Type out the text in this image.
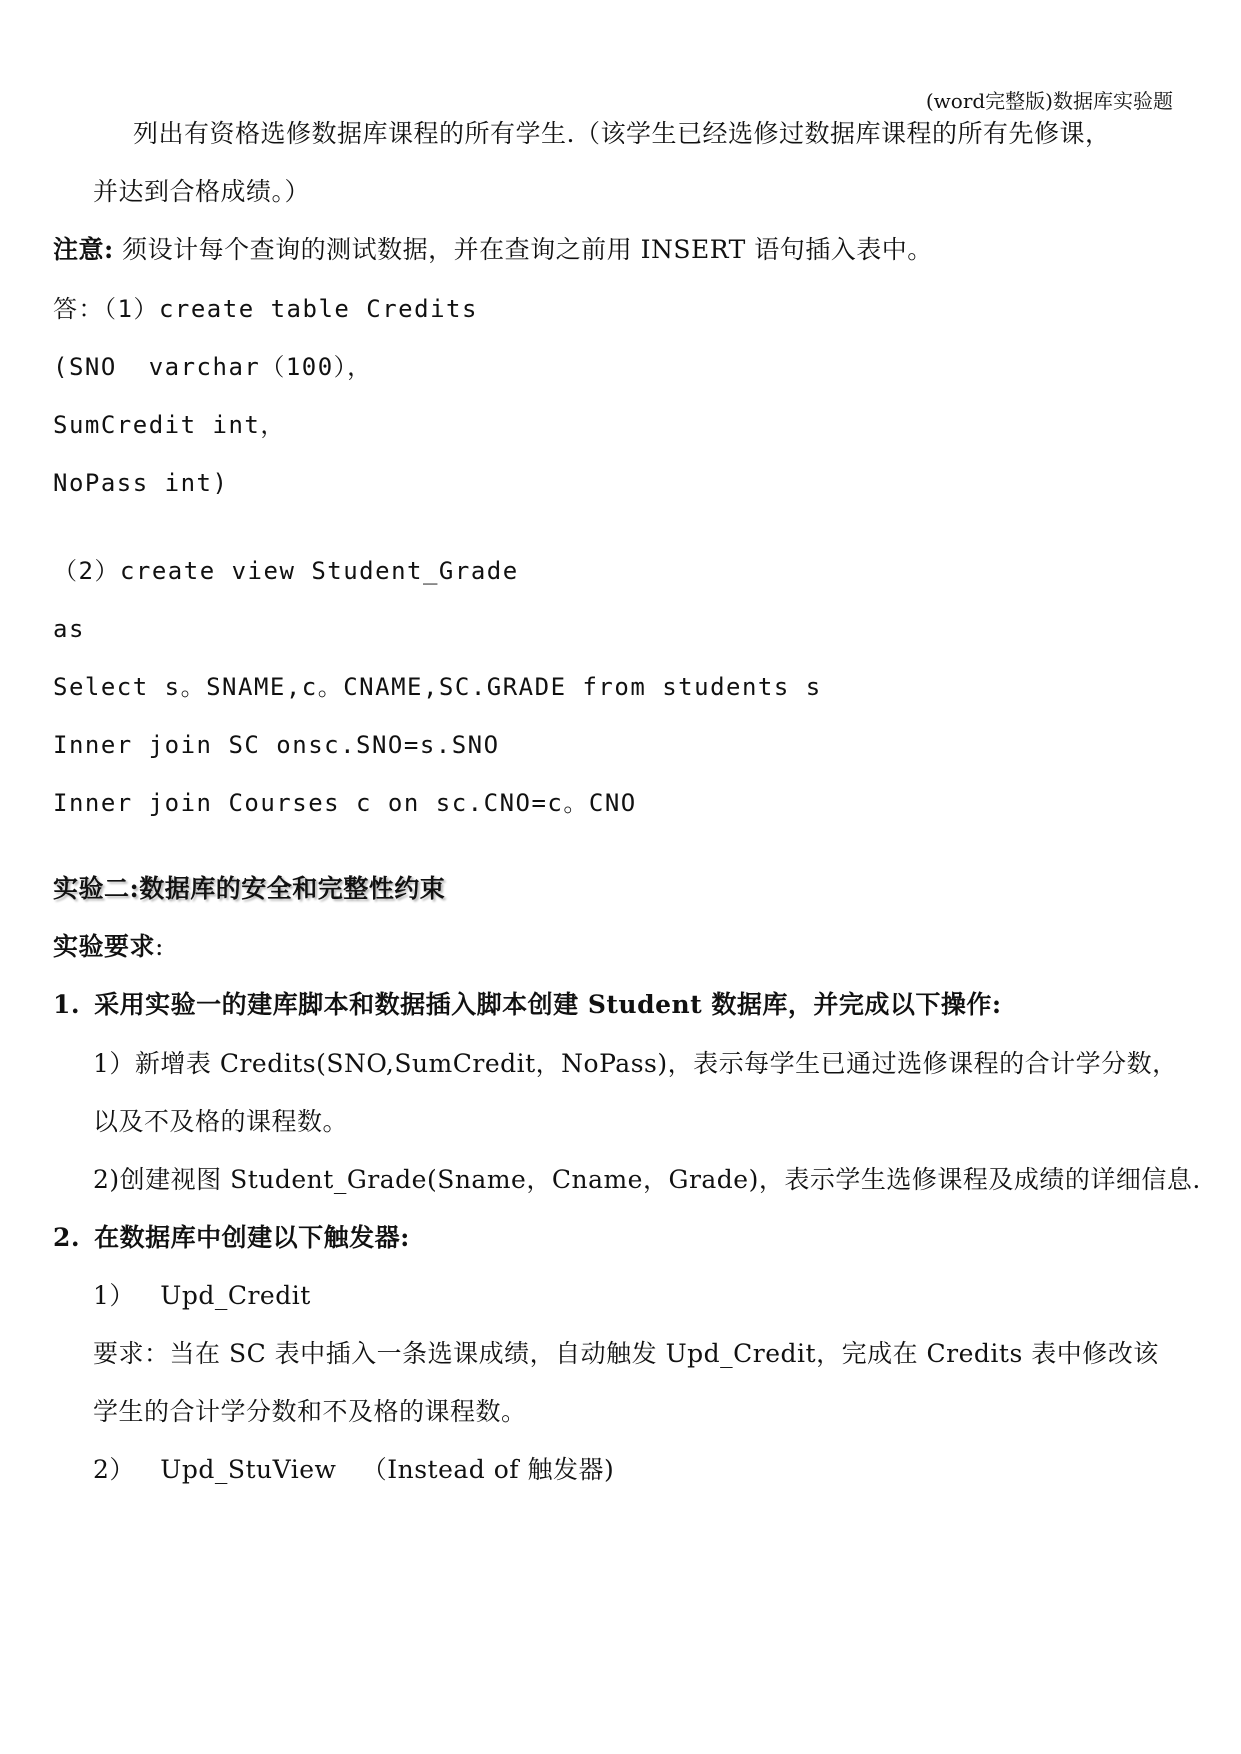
(word完整版)数据库实验题
列出有资格选修数据库课程的所有学生.（该学生已经选修过数据库课程的所有先修课，
并达到合格成绩。）
注意: 须设计每个查询的测试数据，并在查询之前用 INSERT 语句插入表中。
答：（1）create table Credits
(SNO  varchar（100），
SumCredit int，
NoPass int)
（2）create view Student_Grade
as
Select s。SNAME,c。CNAME,SC.GRADE from students s
Inner join SC onsc.SNO=s.SNO
Inner join Courses c on sc.CNO=c。CNO
实验二:数据库的安全和完整性约束
实验要求:
1. 采用实验一的建库脚本和数据插入脚本创建 Student 数据库，并完成以下操作:
1）新增表 Credits(SNO,SumCredit，NoPass)，表示每学生已通过选修课程的合计学分数，
以及不及格的课程数。
2)创建视图 Student_Grade(Sname，Cname，Grade)，表示学生选修课程及成绩的详细信息.
2. 在数据库中创建以下触发器:
1）   Upd_Credit
要求：当在 SC 表中插入一条选课成绩，自动触发 Upd_Credit，完成在 Credits 表中修改该
学生的合计学分数和不及格的课程数。
2）   Upd_StuView   （Instead of 触发器)
